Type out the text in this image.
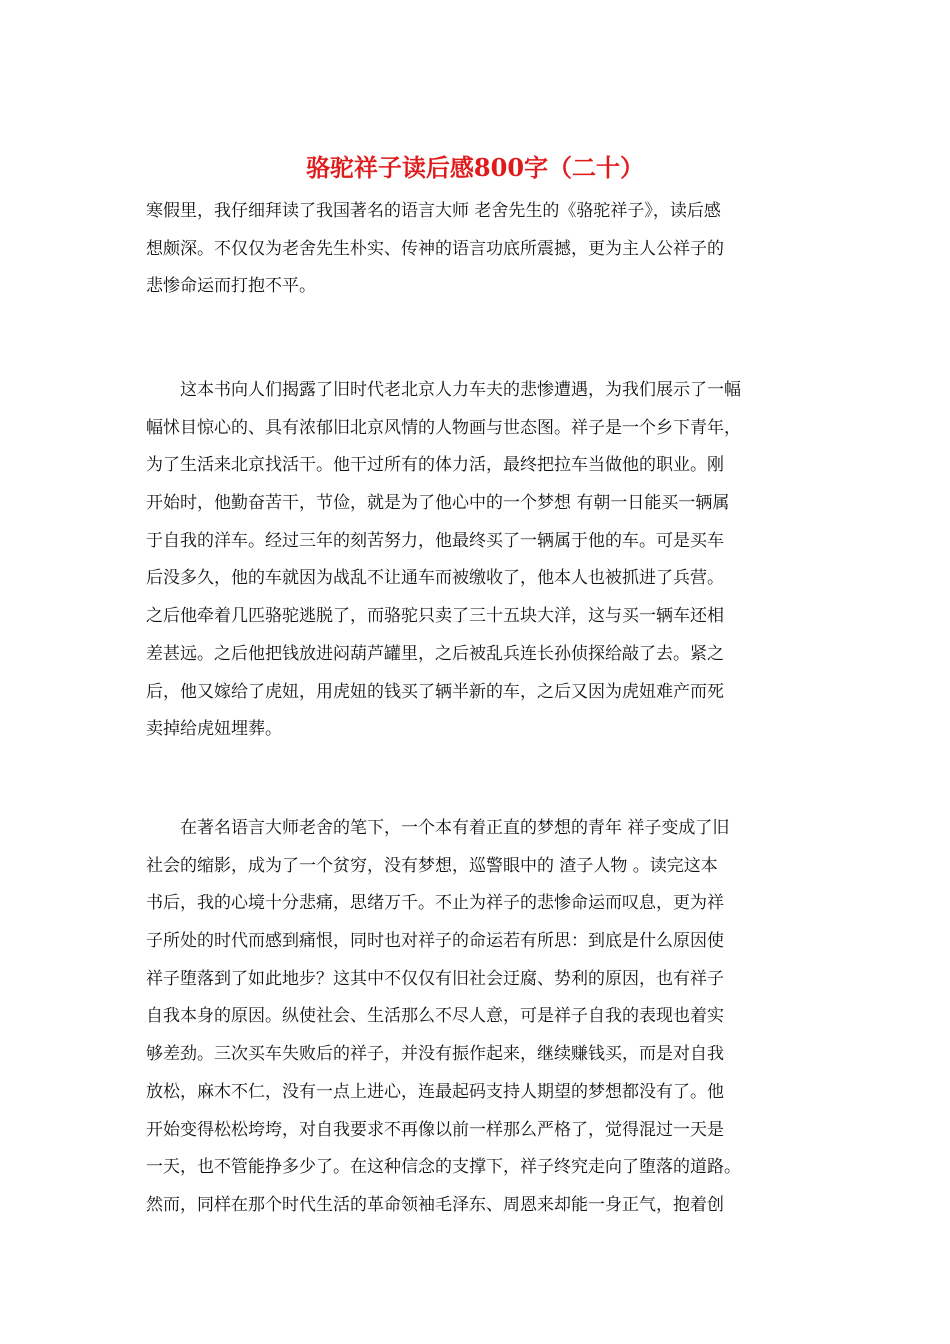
骆驼祥子读后感800字（二十）
寒假里，我仔细拜读了我国著名的语言大师 老舍先生的《骆驼祥子》，读后感
想颇深。不仅仅为老舍先生朴实、传神的语言功底所震撼，更为主人公祥子的
悲惨命运而打抱不平。
　　这本书向人们揭露了旧时代老北京人力车夫的悲惨遭遇，为我们展示了一幅
幅怵目惊心的、具有浓郁旧北京风情的人物画与世态图。祥子是一个乡下青年，
为了生活来北京找活干。他干过所有的体力活，最终把拉车当做他的职业。刚
开始时，他勤奋苦干，节俭，就是为了他心中的一个梦想 有朝一日能买一辆属
于自我的洋车。经过三年的刻苦努力，他最终买了一辆属于他的车。可是买车
后没多久，他的车就因为战乱不让通车而被缴收了，他本人也被抓进了兵营。
之后他牵着几匹骆驼逃脱了，而骆驼只卖了三十五块大洋，这与买一辆车还相
差甚远。之后他把钱放进闷葫芦罐里，之后被乱兵连长孙侦探给敲了去。紧之
后，他又嫁给了虎妞，用虎妞的钱买了辆半新的车，之后又因为虎妞难产而死
卖掉给虎妞埋葬。
　　在著名语言大师老舍的笔下，一个本有着正直的梦想的青年 祥子变成了旧
社会的缩影，成为了一个贫穷，没有梦想，巡警眼中的 渣子人物 。读完这本
书后，我的心境十分悲痛，思绪万千。不止为祥子的悲惨命运而叹息，更为祥
子所处的时代而感到痛恨，同时也对祥子的命运若有所思：到底是什么原因使
祥子堕落到了如此地步？这其中不仅仅有旧社会迂腐、势利的原因，也有祥子
自我本身的原因。纵使社会、生活那么不尽人意，可是祥子自我的表现也着实
够差劲。三次买车失败后的祥子，并没有振作起来，继续赚钱买，而是对自我
放松，麻木不仁，没有一点上进心，连最起码支持人期望的梦想都没有了。他
开始变得松松垮垮，对自我要求不再像以前一样那么严格了，觉得混过一天是
一天，也不管能挣多少了。在这种信念的支撑下，祥子终究走向了堕落的道路。
然而，同样在那个时代生活的革命领袖毛泽东、周恩来却能一身正气，抱着创
